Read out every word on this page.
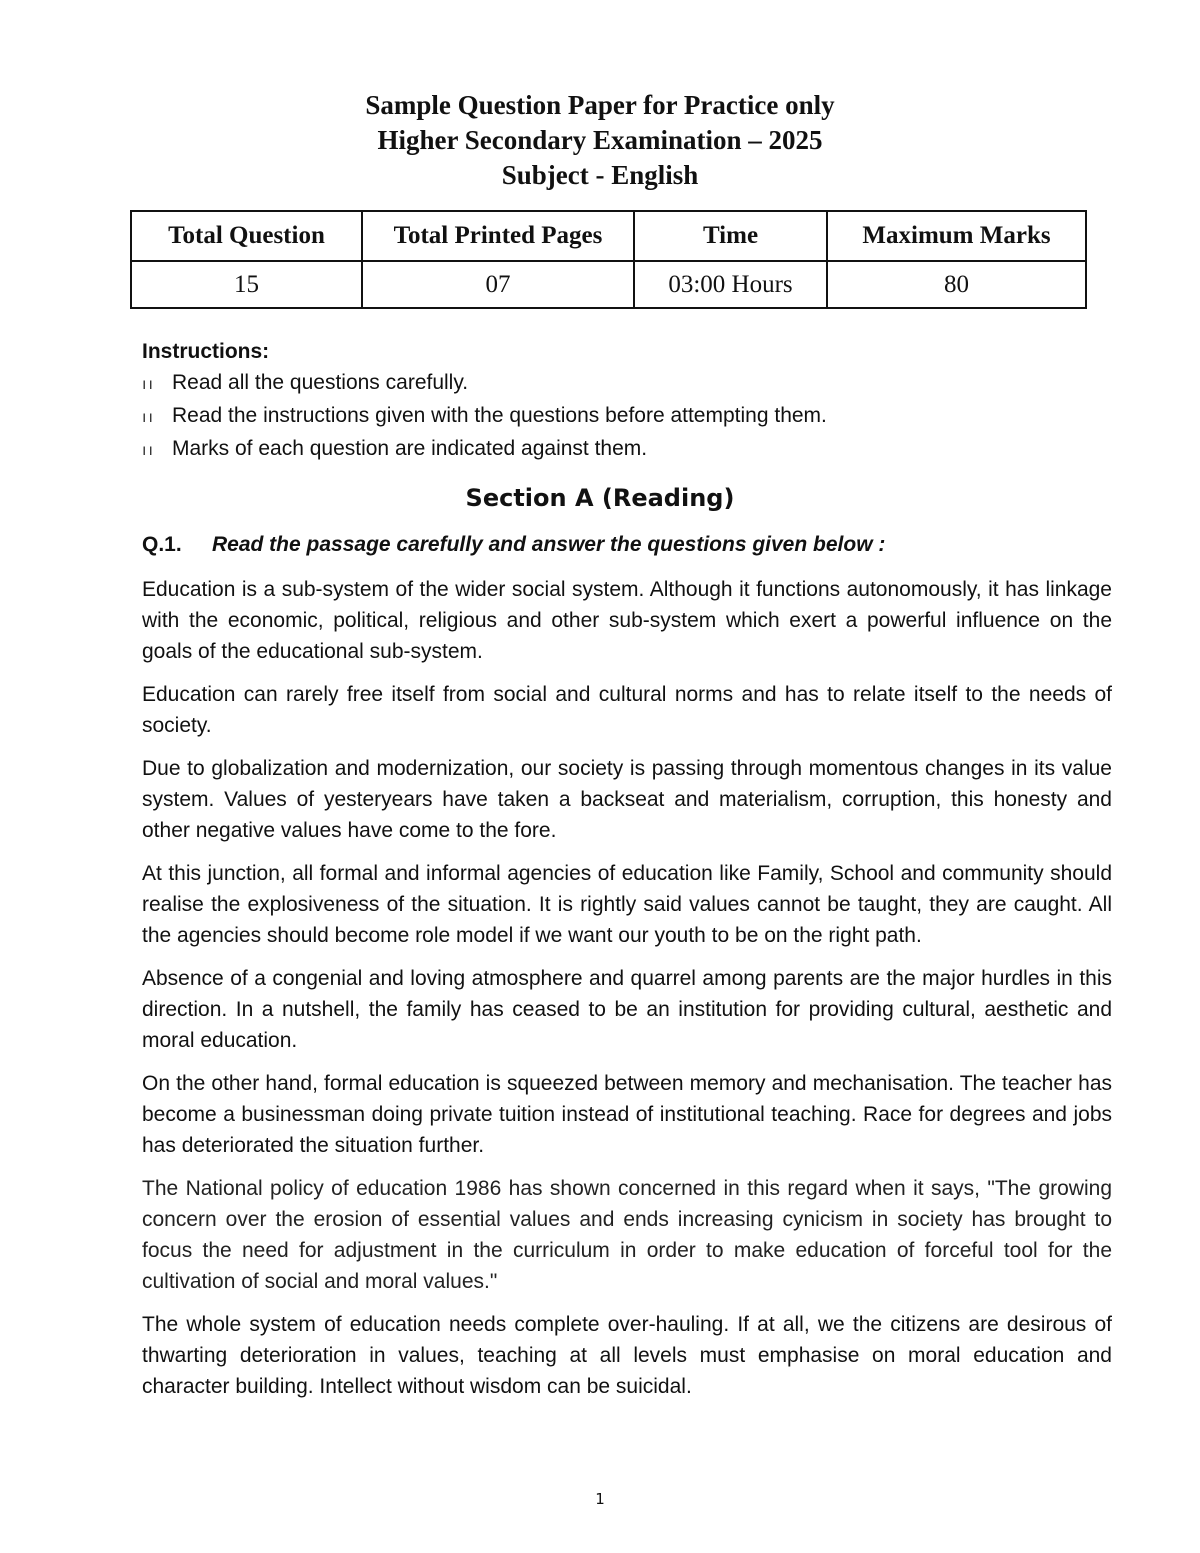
Sample Question Paper for Practice only
Higher Secondary Examination – 2025
Subject - English
Total Question	Total Printed Pages	Time	Maximum Marks
15	07	03:00 Hours	80
Instructions:
ıı Read all the questions carefully.
ıı Read the instructions given with the questions before attempting them.
ıı Marks of each question are indicated against them.
Section A (Reading)
Q.1. Read the passage carefully and answer the questions given below :

Education is a sub-system of the wider social system. Although it functions autonomously, it has linkage with the economic, political, religious and other sub-system which exert a powerful influence on the goals of the educational sub-system.

Education can rarely free itself from social and cultural norms and has to relate itself to the needs of society.

Due to globalization and modernization, our society is passing through momentous changes in its value system. Values of yesteryears have taken a backseat and materialism, corruption, this honesty and other negative values have come to the fore.

At this junction, all formal and informal agencies of education like Family, School and community should realise the explosiveness of the situation. It is rightly said values cannot be taught, they are caught. All the agencies should become role model if we want our youth to be on the right path.

Absence of a congenial and loving atmosphere and quarrel among parents are the major hurdles in this direction. In a nutshell, the family has ceased to be an institution for providing cultural, aesthetic and moral education.

On the other hand, formal education is squeezed between memory and mechanisation. The teacher has become a businessman doing private tuition instead of institutional teaching. Race for degrees and jobs has deteriorated the situation further.

The National policy of education 1986 has shown concerned in this regard when it says, "The growing concern over the erosion of essential values and ends increasing cynicism in society has brought to focus the need for adjustment in the curriculum in order to make education of forceful tool for the cultivation of social and moral values."

The whole system of education needs complete over-hauling. If at all, we the citizens are desirous of thwarting deterioration in values, teaching at all levels must emphasise on moral education and character building. Intellect without wisdom can be suicidal.

1
